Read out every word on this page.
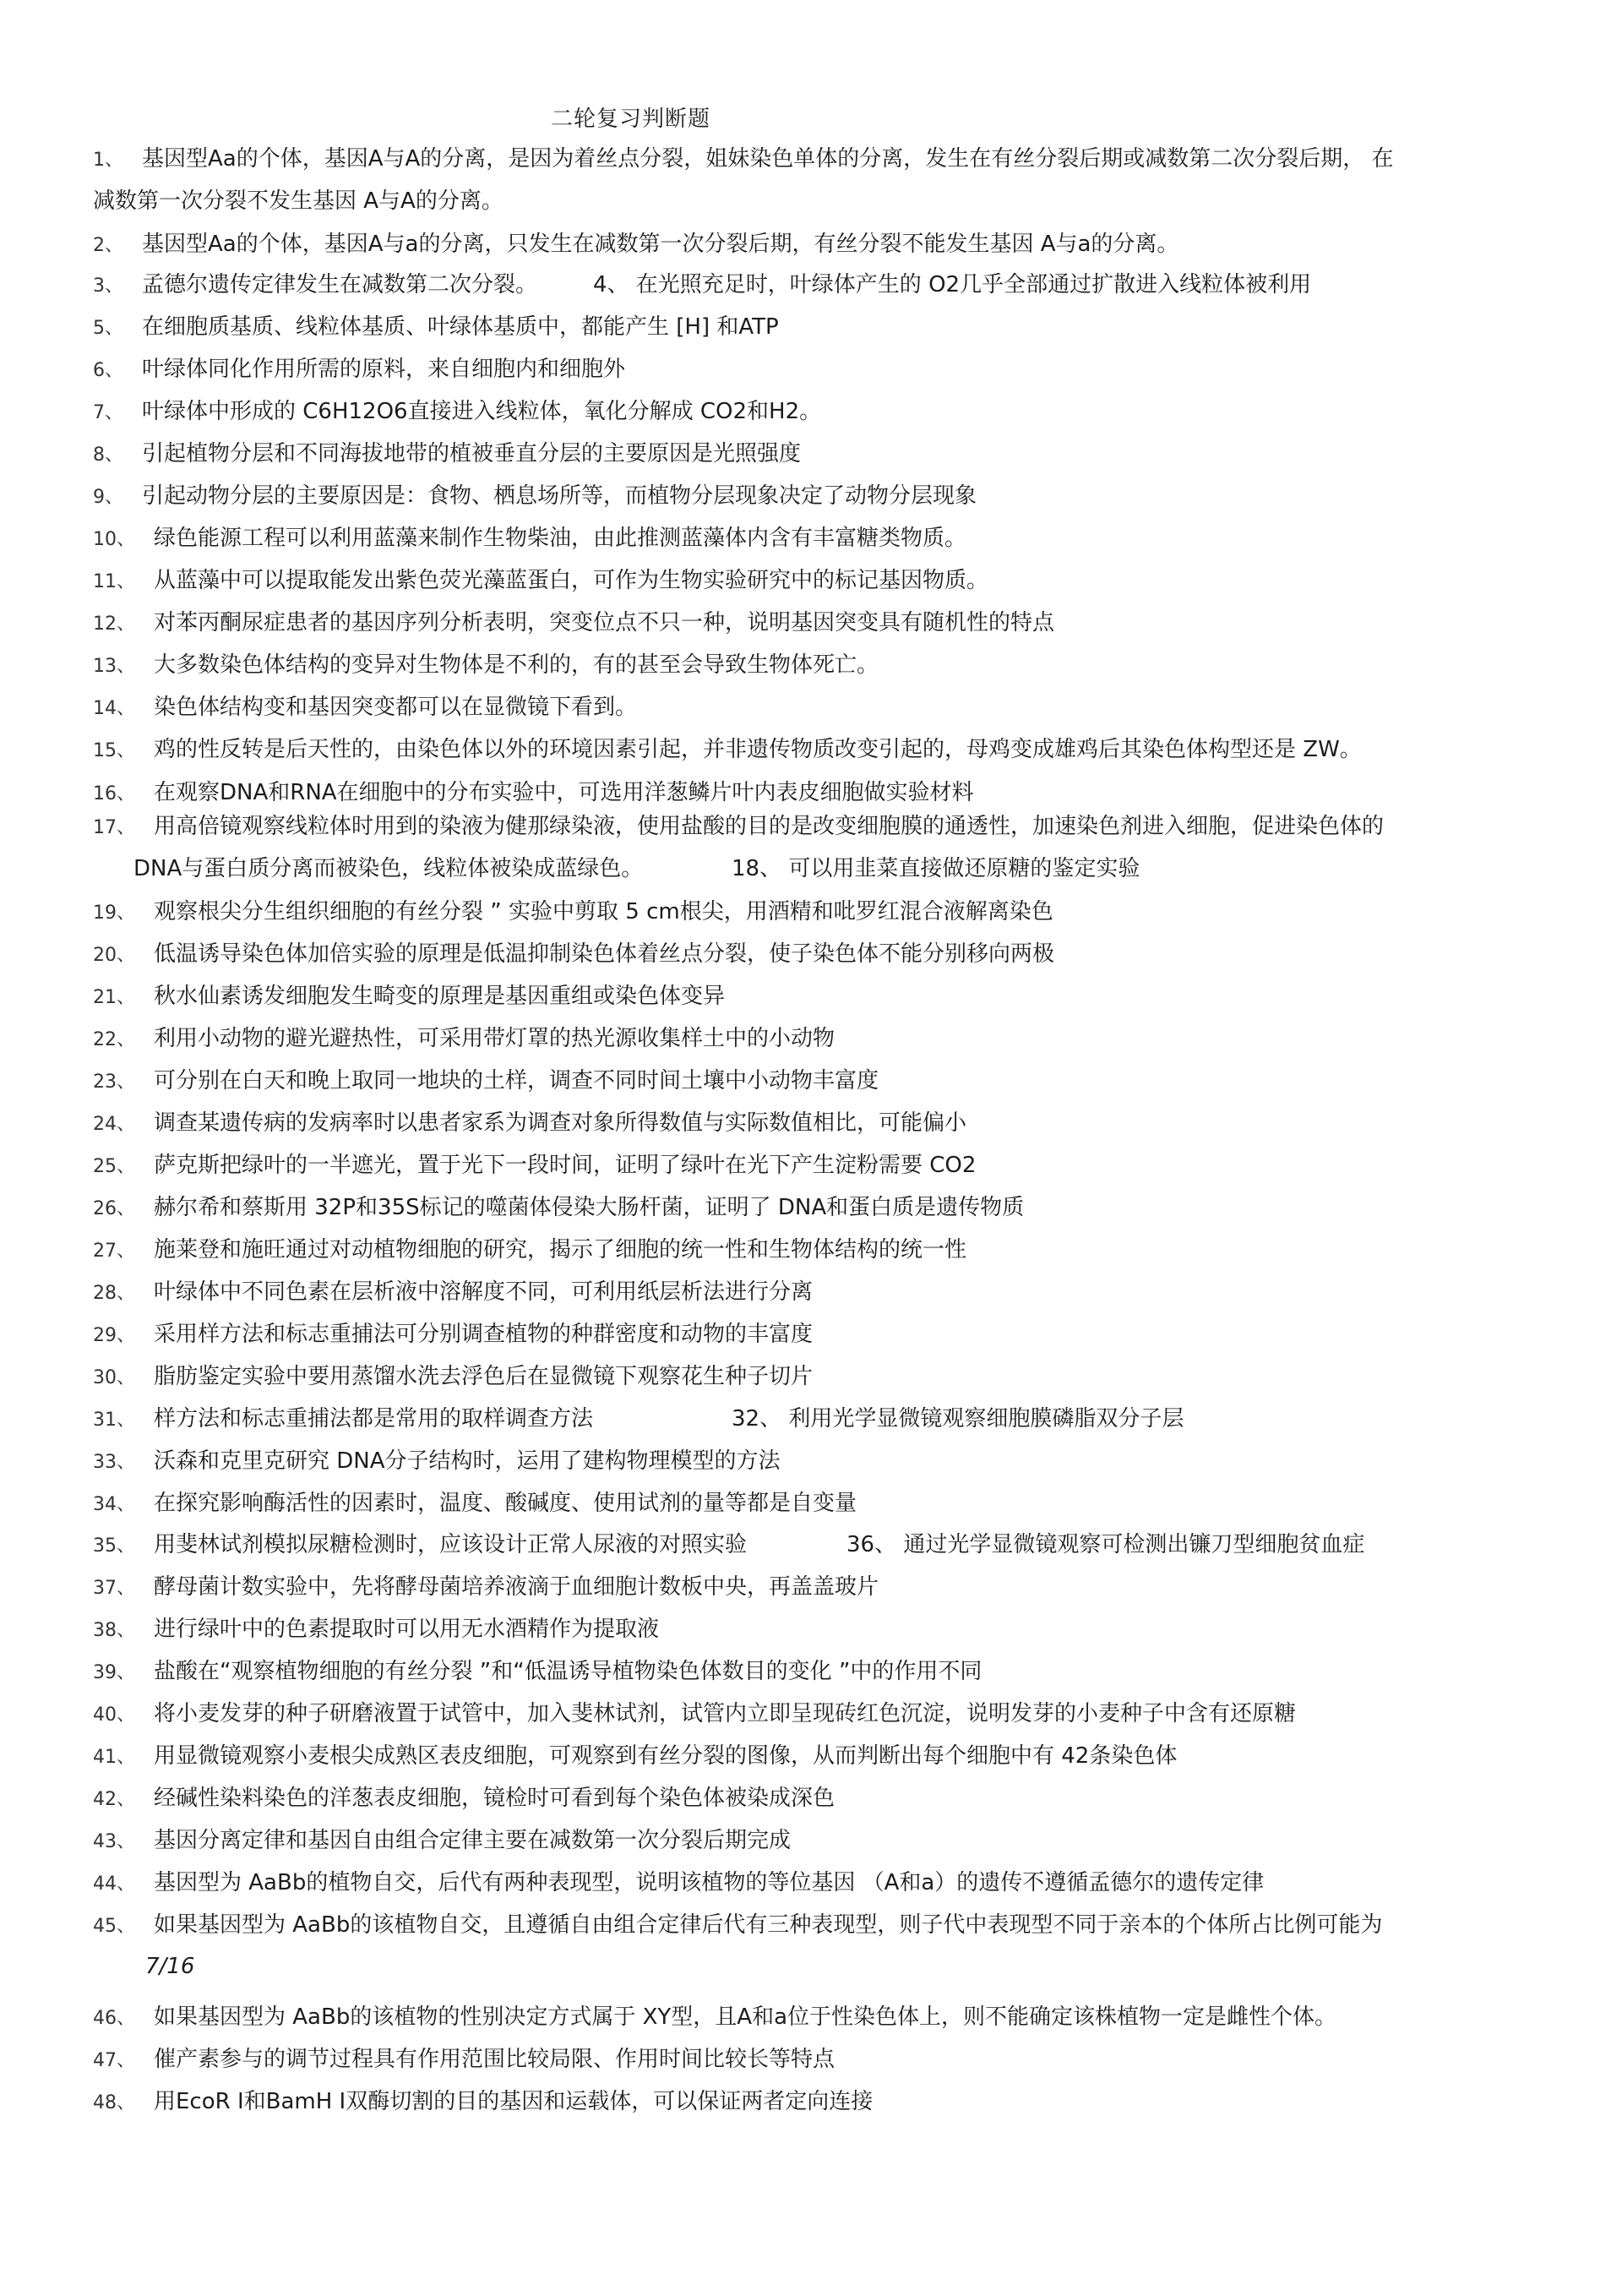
二轮复习判断题
1、 基因型Aa的个体，基因A与A的分离，是因为着丝点分裂，姐妹染色单体的分离，发生在有丝分裂后期或减数第二次分裂后期， 在
减数第一次分裂不发生基因 A与A的分离。
2、 基因型Aa的个体，基因A与a的分离，只发生在减数第一次分裂后期，有丝分裂不能发生基因 A与a的分离。
3、 孟德尔遗传定律发生在减数第二次分裂。
5、 在细胞质基质、线粒体基质、叶绿体基质中，都能产生 [H] 和ATP
6、 叶绿体同化作用所需的原料，来自细胞内和细胞外
7、 叶绿体中形成的 C6H12O6直接进入线粒体，氧化分解成 CO2和H2。
8、 引起植物分层和不同海拔地带的植被垂直分层的主要原因是光照强度
9、 引起动物分层的主要原因是：食物、栖息场所等，而植物分层现象决定了动物分层现象
10、 绿色能源工程可以利用蓝藻来制作生物柴油，由此推测蓝藻体内含有丰富糖类物质。
11、 从蓝藻中可以提取能发出紫色荧光藻蓝蛋白，可作为生物实验研究中的标记基因物质。
12、 对苯丙酮尿症患者的基因序列分析表明，突变位点不只一种，说明基因突变具有随机性的特点
13、 大多数染色体结构的变异对生物体是不利的，有的甚至会导致生物体死亡。
14、 染色体结构变和基因突变都可以在显微镜下看到。
15、 鸡的性反转是后天性的，由染色体以外的环境因素引起，并非遗传物质改变引起的，母鸡变成雄鸡后其染色体构型还是 ZW。
16、 在观察DNA和RNA在细胞中的分布实验中，可选用洋葱鳞片叶内表皮细胞做实验材料
17、 用高倍镜观察线粒体时用到的染液为健那绿染液，使用盐酸的目的是改变细胞膜的通透性，加速染色剂进入细胞，促进染色体的
DNA与蛋白质分离而被染色，线粒体被染成蓝绿色。
19、 观察根尖分生组织细胞的有丝分裂 ” 实验中剪取 5 cm根尖，用酒精和吡罗红混合液解离染色
20、 低温诱导染色体加倍实验的原理是低温抑制染色体着丝点分裂，使子染色体不能分别移向两极
21、 秋水仙素诱发细胞发生畸变的原理是基因重组或染色体变异
22、 利用小动物的避光避热性，可采用带灯罩的热光源收集样土中的小动物
23、 可分别在白天和晚上取同一地块的土样，调查不同时间土壤中小动物丰富度
24、 调查某遗传病的发病率时以患者家系为调查对象所得数值与实际数值相比，可能偏小
25、 萨克斯把绿叶的一半遮光，置于光下一段时间，证明了绿叶在光下产生淀粉需要 CO2
26、 赫尔希和蔡斯用 32P和35S标记的噬菌体侵染大肠杆菌，证明了 DNA和蛋白质是遗传物质
27、 施莱登和施旺通过对动植物细胞的研究，揭示了细胞的统一性和生物体结构的统一性
28、 叶绿体中不同色素在层析液中溶解度不同，可利用纸层析法进行分离
29、 采用样方法和标志重捕法可分别调查植物的种群密度和动物的丰富度
30、 脂肪鉴定实验中要用蒸馏水洗去浮色后在显微镜下观察花生种子切片
31、 样方法和标志重捕法都是常用的取样调查方法
33、 沃森和克里克研究 DNA分子结构时，运用了建构物理模型的方法
34、 在探究影响酶活性的因素时，温度、酸碱度、使用试剂的量等都是自变量
35、 用斐林试剂模拟尿糖检测时，应该设计正常人尿液的对照实验
37、 酵母菌计数实验中，先将酵母菌培养液滴于血细胞计数板中央，再盖盖玻片
38、 进行绿叶中的色素提取时可以用无水酒精作为提取液
39、 盐酸在“观察植物细胞的有丝分裂 ”和“低温诱导植物染色体数目的变化 ”中的作用不同
40、 将小麦发芽的种子研磨液置于试管中，加入斐林试剂，试管内立即呈现砖红色沉淀，说明发芽的小麦种子中含有还原糖
41、 用显微镜观察小麦根尖成熟区表皮细胞，可观察到有丝分裂的图像，从而判断出每个细胞中有 42条染色体
42、 经碱性染料染色的洋葱表皮细胞，镜检时可看到每个染色体被染成深色
43、 基因分离定律和基因自由组合定律主要在减数第一次分裂后期完成
44、 基因型为 AaBb的植物自交，后代有两种表现型，说明该植物的等位基因 （A和a）的遗传不遵循孟德尔的遗传定律
45、 如果基因型为 AaBb的该植物自交，且遵循自由组合定律后代有三种表现型，则子代中表现型不同于亲本的个体所占比例可能为
7/16
46、 如果基因型为 AaBb的该植物的性别决定方式属于 XY型，且A和a位于性染色体上，则不能确定该株植物一定是雌性个体。
47、 催产素参与的调节过程具有作用范围比较局限、作用时间比较长等特点
48、 用EcoR I和BamH I双酶切割的目的基因和运载体，可以保证两者定向连接
4、 在光照充足时，叶绿体产生的 O2几乎全部通过扩散进入线粒体被利用
18、 可以用韭菜直接做还原糖的鉴定实验
32、 利用光学显微镜观察细胞膜磷脂双分子层
36、 通过光学显微镜观察可检测出镰刀型细胞贫血症
